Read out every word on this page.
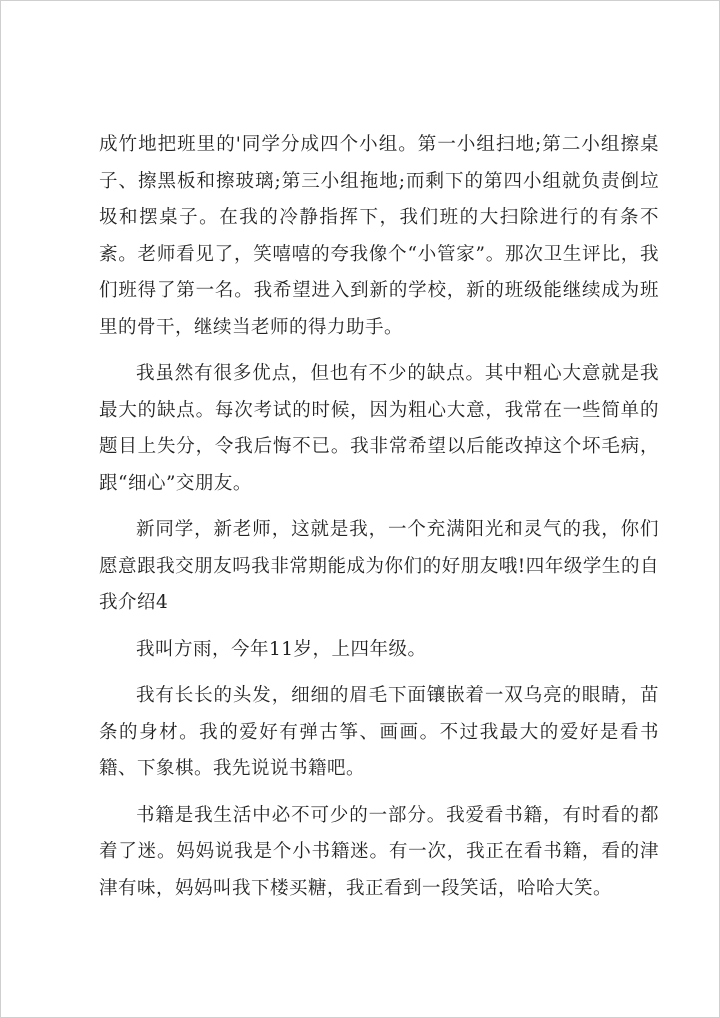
成竹地把班里的'同学分成四个小组。第一小组扫地;第二小组擦桌子、擦黑板和擦玻璃;第三小组拖地;而剩下的第四小组就负责倒垃圾和摆桌子。在我的冷静指挥下，我们班的大扫除进行的有条不紊。老师看见了，笑嘻嘻的夸我像个“小管家”。那次卫生评比，我们班得了第一名。我希望进入到新的学校，新的班级能继续成为班里的骨干，继续当老师的得力助手。

我虽然有很多优点，但也有不少的缺点。其中粗心大意就是我最大的缺点。每次考试的时候，因为粗心大意，我常在一些简单的题目上失分，令我后悔不已。我非常希望以后能改掉这个坏毛病，跟“细心”交朋友。

新同学，新老师，这就是我，一个充满阳光和灵气的我，你们愿意跟我交朋友吗我非常期能成为你们的好朋友哦!四年级学生的自我介绍4

我叫方雨，今年11岁，上四年级。

我有长长的头发，细细的眉毛下面镶嵌着一双乌亮的眼睛，苗条的身材。我的爱好有弹古筝、画画。不过我最大的爱好是看书籍、下象棋。我先说说书籍吧。

书籍是我生活中必不可少的一部分。我爱看书籍，有时看的都着了迷。妈妈说我是个小书籍迷。有一次，我正在看书籍，看的津津有味，妈妈叫我下楼买糖，我正看到一段笑话，哈哈大笑。
